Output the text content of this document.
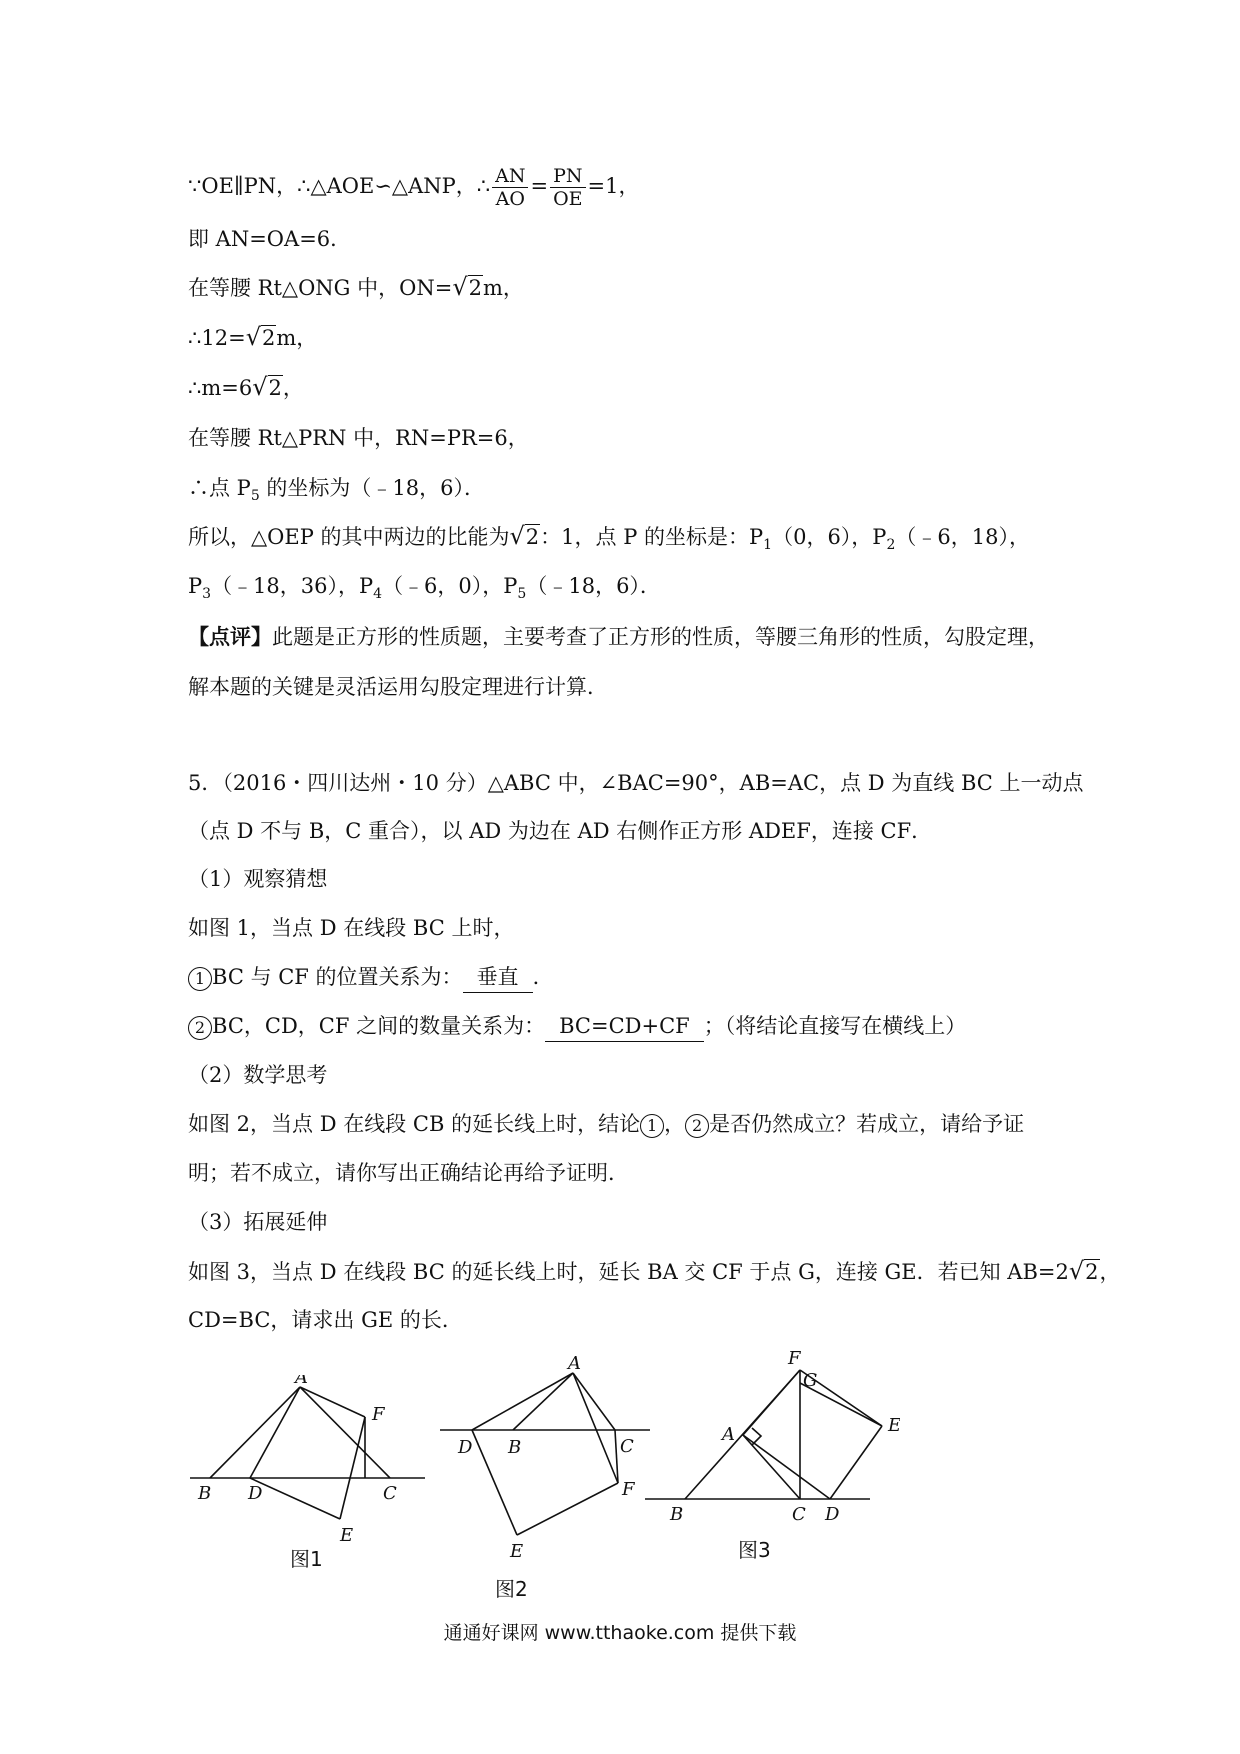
∵OE∥PN，∴△AOE∽△ANP，∴ $\frac{AN}{AO} = \frac{PN}{OE} =1$，
即 AN=OA=6．
在等腰 Rt△ONG 中，ON=√2m，
∴12=√2m，
∴m=6√2，
在等腰 Rt△PRN 中，RN=PR=6，
∴点 $P_5$ 的坐标为（﹣18，6）．
所以，△OEP 的其中两边的比能为√2：1，点 P 的坐标是：$P_1(0$，6），$P_2(﹣6$，18），
$P_3(﹣18$，36），$P_4(﹣6$，0），$P_5(﹣18$，6）．
【点评】此题是正方形的性质题，主要考查了正方形的性质，等腰三角形的性质，勾股定理，
解本题的关键是灵活运用勾股定理进行计算．
5．（2016・四川达州・10 分）△ABC 中，∠BAC=90°，AB=AC，点 D 为直线 BC 上一动点
（点 D 不与 B，C 重合），以 AD 为边在 AD 右侧作正方形 ADEF，连接 CF．
（1）观察猜想
如图 1，当点 D 在线段 BC 上时，
1 BC 与 CF 的位置关系为： 垂直 ．
2 BC，CD，CF 之间的数量关系为： BC=CD+CF ；（将结论直接写在横线上）
（2）数学思考
如图 2，当点 D 在线段 CB 的延长线上时，结论 1 ， 2 是否仍然成立？若成立，请给予证
明；若不成立，请你写出正确结论再给予证明．
（3）拓展延伸
如图 3，当点 D 在线段 BC 的延长线上时，延长 BA 交 CF 于点 G，连接 GE．若已知 AB=2√2，
CD=BC，请求出 GE 的长．
A
B D	C
F
E
图1
A
D B	C
F
E
图2
F
G
E
A
B	C D
图3
通通好课网 www.tthaoke.com 提供下载
